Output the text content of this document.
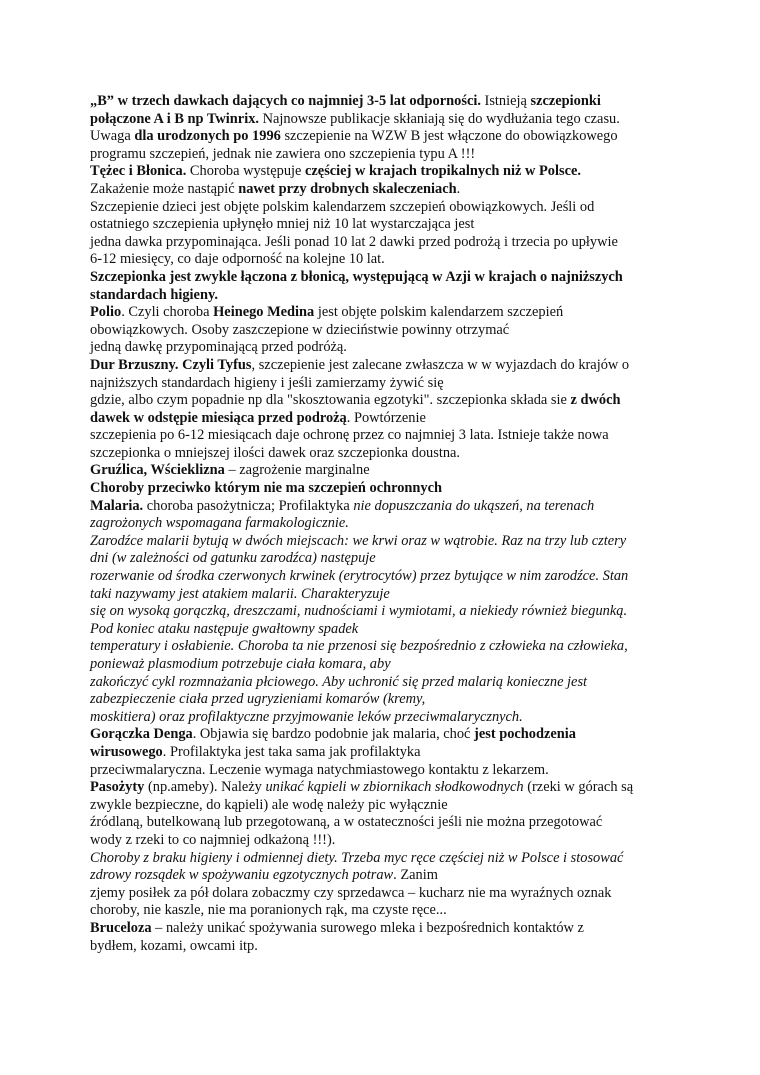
„B” w trzech dawkach dających co najmniej 3-5 lat odporności. Istnieją szczepionki
połączone A i B np Twinrix. Najnowsze publikacje skłaniają się do wydłużania tego czasu.
Uwaga dla urodzonych po 1996 szczepienie na WZW B jest włączone do obowiązkowego
programu szczepień, jednak nie zawiera ono szczepienia typu A !!!
Tężec i Błonica. Choroba występuje częściej w krajach tropikalnych niż w Polsce.
Zakażenie może nastąpić nawet przy drobnych skaleczeniach.
Szczepienie dzieci jest objęte polskim kalendarzem szczepień obowiązkowych. Jeśli od
ostatniego szczepienia upłynęło mniej niż 10 lat wystarczająca jest
jedna dawka przypominająca. Jeśli ponad 10 lat 2 dawki przed podrożą i trzecia po upływie
6-12 miesięcy, co daje odporność na kolejne 10 lat.
Szczepionka jest zwykle łączona z błonicą, występującą w Azji w krajach o najniższych
standardach higieny.
Polio. Czyli choroba Heinego Medina jest objęte polskim kalendarzem szczepień
obowiązkowych. Osoby zaszczepione w dzieciństwie powinny otrzymać
jedną dawkę przypominającą przed podróżą.
Dur Brzuszny. Czyli Tyfus, szczepienie jest zalecane zwłaszcza w w wyjazdach do krajów o
najniższych standardach higieny i jeśli zamierzamy żywić się
gdzie, albo czym popadnie np dla "skosztowania egzotyki". szczepionka składa sie z dwóch
dawek w odstępie miesiąca przed podrożą. Powtórzenie
szczepienia po 6-12 miesiącach daje ochronę przez co najmniej 3 lata. Istnieje także nowa
szczepionka o mniejszej ilości dawek oraz szczepionka doustna.
Gruźlica, Wścieklizna – zagrożenie marginalne
Choroby przeciwko którym nie ma szczepień ochronnych
Malaria. choroba pasożytnicza; Profilaktyka nie dopuszczania do ukąszeń, na terenach
zagrożonych wspomagana farmakologicznie.
Zarodźce malarii bytują w dwóch miejscach: we krwi oraz w wątrobie. Raz na trzy lub cztery
dni (w zależności od gatunku zarodźca) następuje
rozerwanie od środka czerwonych krwinek (erytrocytów) przez bytujące w nim zarodźce. Stan
taki nazywamy jest atakiem malarii. Charakteryzuje
się on wysoką gorączką, dreszczami, nudnościami i wymiotami, a niekiedy również biegunką.
Pod koniec ataku następuje gwałtowny spadek
temperatury i osłabienie. Choroba ta nie przenosi się bezpośrednio z człowieka na człowieka,
ponieważ plasmodium potrzebuje ciała komara, aby
zakończyć cykl rozmnażania płciowego. Aby uchronić się przed malarią konieczne jest
zabezpieczenie ciała przed ugryzieniami komarów (kremy,
moskitiera) oraz profilaktyczne przyjmowanie leków przeciwmalarycznych.
Gorączka Denga. Objawia się bardzo podobnie jak malaria, choć jest pochodzenia
wirusowego. Profilaktyka jest taka sama jak profilaktyka
przeciwmalaryczna. Leczenie wymaga natychmiastowego kontaktu z lekarzem.
Pasożyty (np.ameby). Należy unikać kąpieli w zbiornikach słodkowodnych (rzeki w górach są
zwykle bezpieczne, do kąpieli) ale wodę należy pic wyłącznie
źródlaną, butelkowaną lub przegotowaną, a w ostateczności jeśli nie można przegotować
wody z rzeki to co najmniej odkażoną !!!).
Choroby z braku higieny i odmiennej diety. Trzeba myc ręce częściej niż w Polsce i stosować
zdrowy rozsądek w spożywaniu egzotycznych potraw. Zanim
zjemy posiłek za pół dolara zobaczmy czy sprzedawca – kucharz nie ma wyraźnych oznak
choroby, nie kaszle, nie ma poranionych rąk, ma czyste ręce...
Bruceloza – należy unikać spożywania surowego mleka i bezpośrednich kontaktów z
bydłem, kozami, owcami itp.
